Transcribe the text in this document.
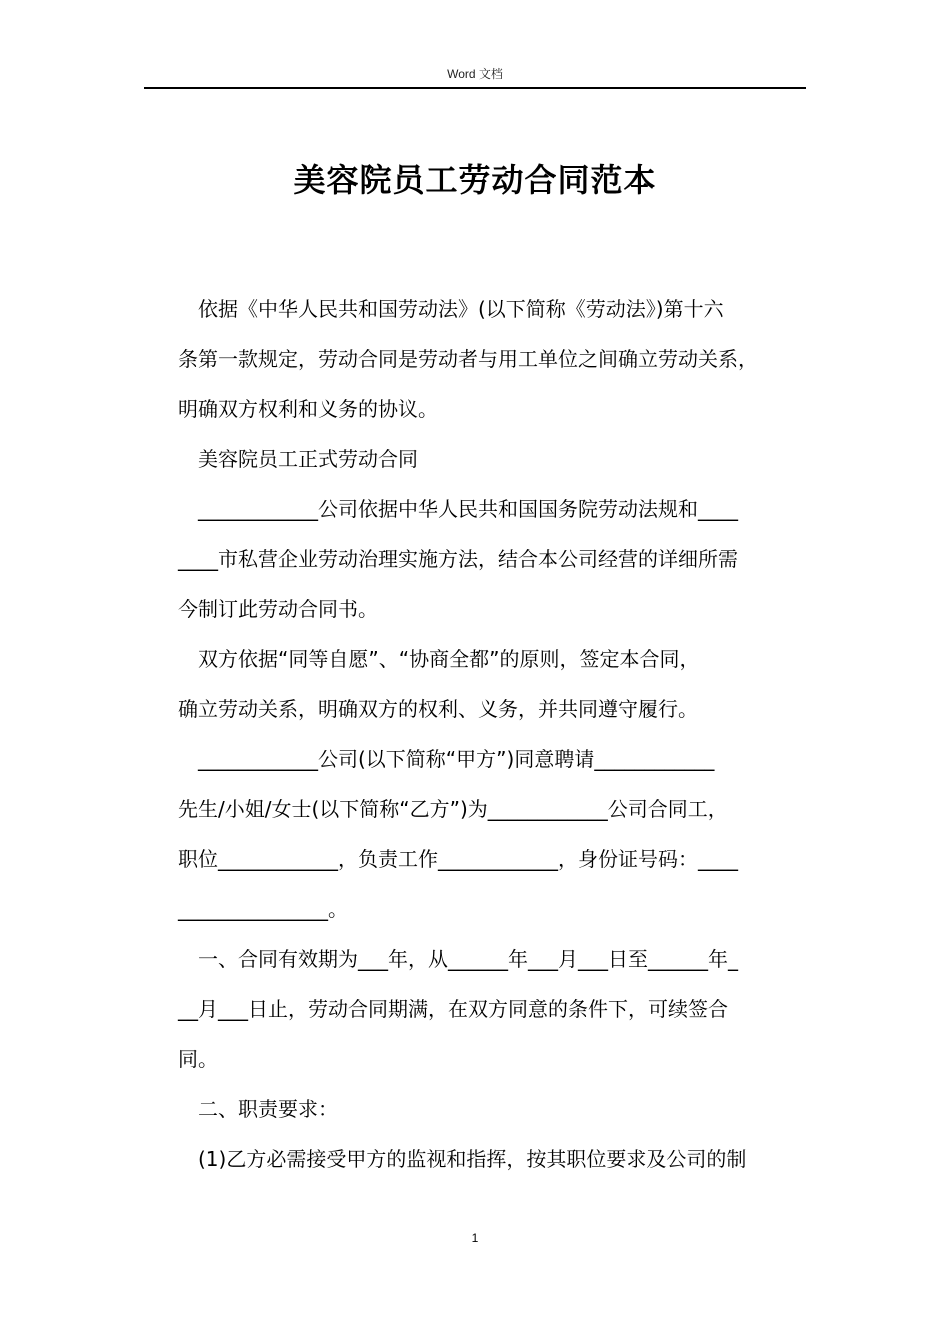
Word 文档
美容院员工劳动合同范本
依据《中华人民共和国劳动法》(以下简称《劳动法》)第十六
条第一款规定，劳动合同是劳动者与用工单位之间确立劳动关系，
明确双方权利和义务的协议。
美容院员工正式劳动合同
____________公司依据中华人民共和国国务院劳动法规和____
____市私营企业劳动治理实施方法，结合本公司经营的详细所需
今制订此劳动合同书。
双方依据“同等自愿”、“协商全都”的原则，签定本合同，
确立劳动关系，明确双方的权利、义务，并共同遵守履行。
____________公司(以下简称“甲方”)同意聘请____________
先生/小姐/女士(以下简称“乙方”)为____________公司合同工，
职位____________，负责工作____________，身份证号码：____
_______________。
一、合同有效期为___年，从______年___月___日至______年_
__月___日止，劳动合同期满，在双方同意的条件下，可续签合
同。
二、职责要求：
(1)乙方必需接受甲方的监视和指挥，按其职位要求及公司的制
1
